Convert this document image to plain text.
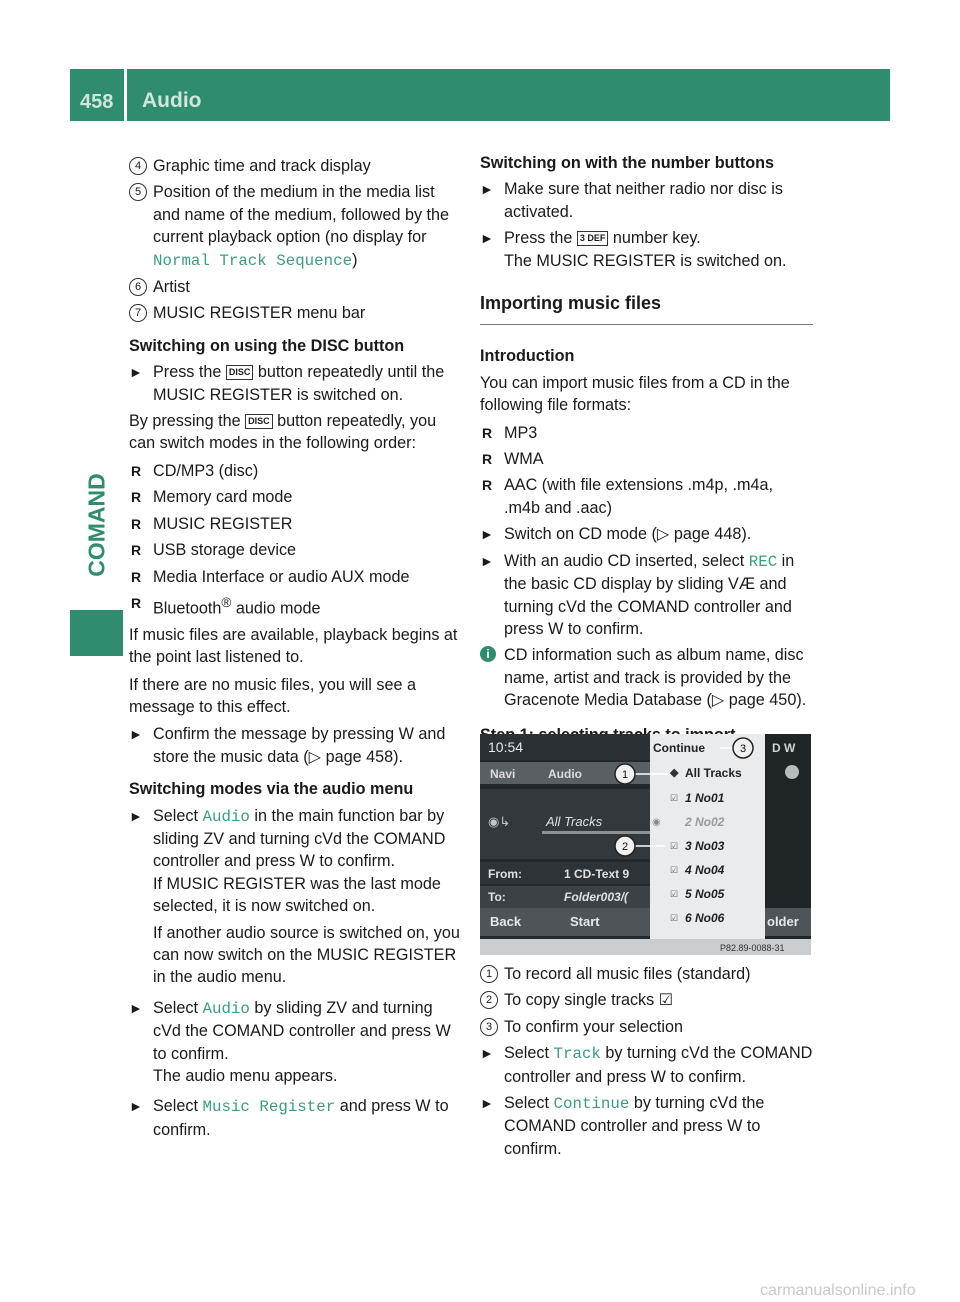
458 Audio
COMAND
4 Graphic time and track display
5 Position of the medium in the media list and name of the medium, followed by the current playback option (no display for Normal Track Sequence)
6 Artist
7 MUSIC REGISTER menu bar

Switching on using the DISC button

► Press the DISC button repeatedly until the MUSIC REGISTER is switched on.

By pressing the DISC button repeatedly, you can switch modes in the following order:

R CD/MP3 (disc)
R Memory card mode
R MUSIC REGISTER
R USB storage device
R Media Interface or audio AUX mode
R Bluetooth® audio mode

If music files are available, playback begins at the point last listened to.

If there are no music files, you will see a message to this effect.

► Confirm the message by pressing W and store the music data (▷ page 458).

Switching modes via the audio menu

► Select Audio in the main function bar by sliding ZV and turning cVd the COMAND controller and press W to confirm.
If MUSIC REGISTER was the last mode selected, it is now switched on.
If another audio source is switched on, you can now switch on the MUSIC REGISTER in the audio menu.
► Select Audio by sliding ZV and turning cVd the COMAND controller and press W to confirm.
The audio menu appears.
► Select Music Register and press W to confirm.

Switching on with the number buttons

► Make sure that neither radio nor disc is activated.
► Press the 3 DEF number key.
The MUSIC REGISTER is switched on.

Importing music files

Introduction

You can import music files from a CD in the following file formats:

R MP3
R WMA
R AAC (with file extensions .m4p, .m4a, .m4b and .aac)
► Switch on CD mode (▷ page 448).
► With an audio CD inserted, select REC in the basic CD display by sliding VÆ and turning cVd the COMAND controller and press W to confirm.
i CD information such as album name, disc name, artist and track is provided by the Gracenote Media Database (▷ page 450).

10:54
Navi	Audio
◉↳	All Tracks
From:	1 CD-Text 9
To:	Folder003/(
Back	Start
Continue
◆ All Tracks
☑ 1 No01
◉ 2 No02
☑ 3 No03
☑ 4 No04
☑ 5 No05
☑ 6 No06
D W
older
P82.89-0088-31
1
2
3
1 To record all music files (standard)
2 To copy single tracks ☑
3 To confirm your selection
► Select Track by turning cVd the COMAND controller and press W to confirm.
► Select Continue by turning cVd the COMAND controller and press W to confirm.
carmanualsonline.info
